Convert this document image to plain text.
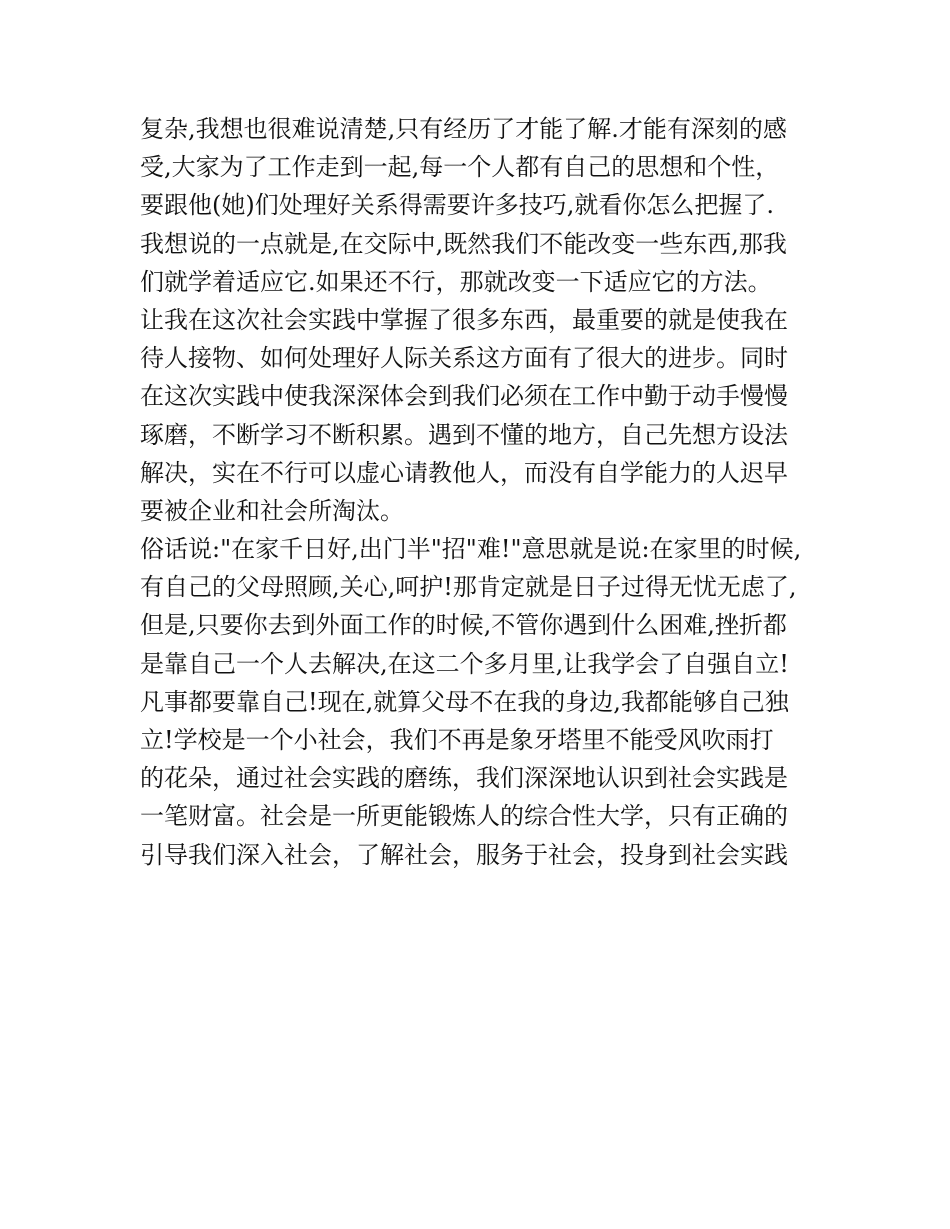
复杂,我想也很难说清楚,只有经历了才能了解.才能有深刻的感
受,大家为了工作走到一起,每一个人都有自己的思想和个性，
要跟他(她)们处理好关系得需要许多技巧,就看你怎么把握了.
我想说的一点就是,在交际中,既然我们不能改变一些东西,那我
们就学着适应它.如果还不行，那就改变一下适应它的方法。
让我在这次社会实践中掌握了很多东西，最重要的就是使我在
待人接物、如何处理好人际关系这方面有了很大的进步。同时
在这次实践中使我深深体会到我们必须在工作中勤于动手慢慢
琢磨，不断学习不断积累。遇到不懂的地方，自己先想方设法
解决，实在不行可以虚心请教他人，而没有自学能力的人迟早
要被企业和社会所淘汰。
俗话说:"在家千日好,出门半"招"难!"意思就是说:在家里的时候,
有自己的父母照顾,关心,呵护!那肯定就是日子过得无忧无虑了,
但是,只要你去到外面工作的时候,不管你遇到什么困难,挫折都
是靠自己一个人去解决,在这二个多月里,让我学会了自强自立!
凡事都要靠自己!现在,就算父母不在我的身边,我都能够自己独
立!学校是一个小社会，我们不再是象牙塔里不能受风吹雨打
的花朵，通过社会实践的磨练，我们深深地认识到社会实践是
一笔财富。社会是一所更能锻炼人的综合性大学，只有正确的
引导我们深入社会，了解社会，服务于社会，投身到社会实践
